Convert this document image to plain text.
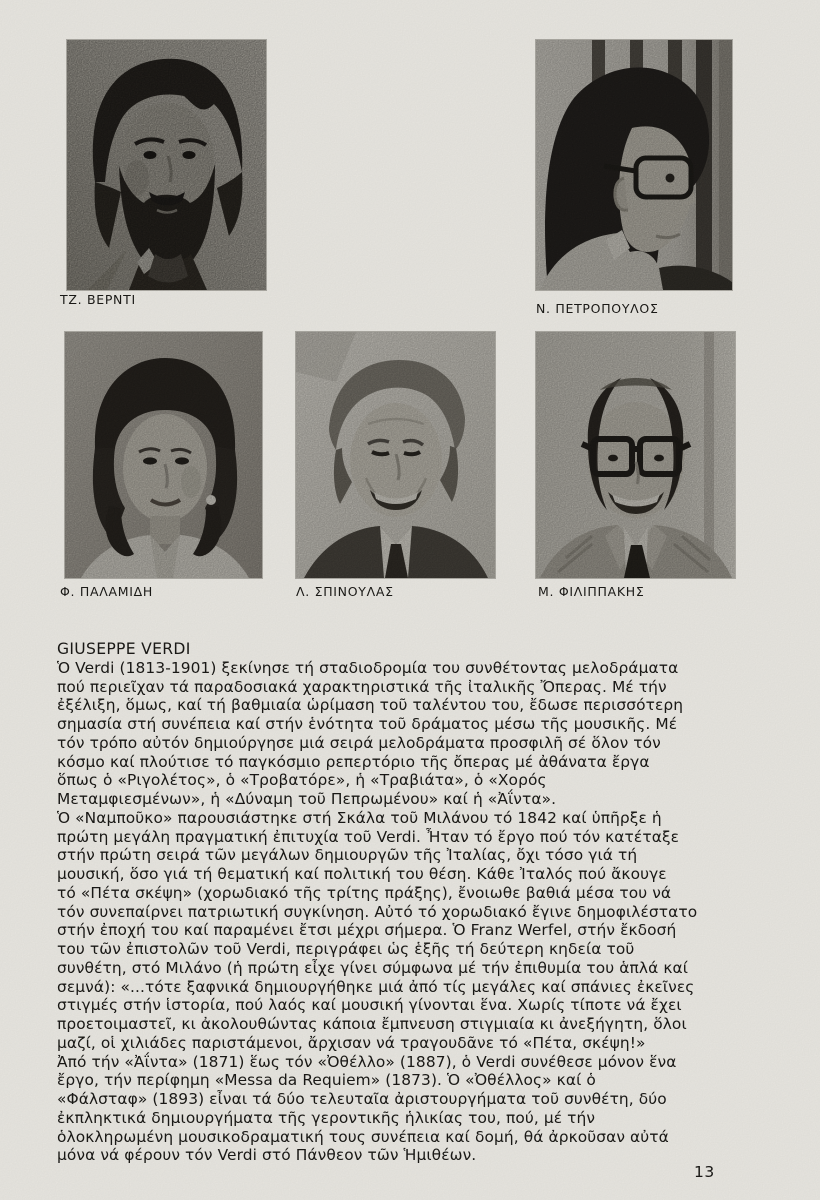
ΤΖ. ΒΕΡΝΤΙ
Ν. ΠΕΤΡΟΠΟΥΛΟΣ
Φ. ΠΑΛΑΜΙΔΗ	Λ. ΣΠΙΝΟΥΛΑΣ	Μ. ΦΙΛΙΠΠΑΚΗΣ
GIUSEPPE VERDI
Ὁ Verdi (1813-1901) ξεκίνησε τή σταδιοδρομία του συνθέτοντας μελοδράματα
πού περιεῖχαν τά παραδοσιακά χαρακτηριστικά τῆς ἰταλικῆς Ὄπερας. Μέ τήν
ἐξέλιξη, ὅμως, καί τή βαθμιαία ὡρίμαση τοῦ ταλέντου του, ἔδωσε περισσότερη
σημασία στή συνέπεια καί στήν ἑνότητα τοῦ δράματος μέσω τῆς μουσικῆς. Μέ
τόν τρόπο αὐτόν δημιούργησε μιά σειρά μελοδράματα προσφιλῆ σέ ὅλον τόν
κόσμο καί πλούτισε τό παγκόσμιο ρεπερτόριο τῆς ὄπερας μέ ἀθάνατα ἔργα
ὅπως ὁ «Ριγολέτος», ὁ «Τροβατόρε», ἡ «Τραβιάτα», ὁ «Χορός
Μεταμφιεσμένων», ἡ «Δύναμη τοῦ Πεπρωμένου» καί ἡ «Ἀΐντα».
Ὁ «Ναμποῦκο» παρουσιάστηκε στή Σκάλα τοῦ Μιλάνου τό 1842 καί ὑπῆρξε ἡ
πρώτη μεγάλη πραγματική ἐπιτυχία τοῦ Verdi. Ἦταν τό ἔργο πού τόν κατέταξε
στήν πρώτη σειρά τῶν μεγάλων δημιουργῶν τῆς Ἰταλίας, ὄχι τόσο γιά τή
μουσική, ὅσο γιά τή θεματική καί πολιτική του θέση. Κάθε Ἰταλός πού ἄκουγε
τό «Πέτα σκέψη» (χορωδιακό τῆς τρίτης πράξης), ἔνοιωθε βαθιά μέσα του νά
τόν συνεπαίρνει πατριωτική συγκίνηση. Αὐτό τό χορωδιακό ἔγινε δημοφιλέστατο
στήν ἐποχή του καί παραμένει ἔτσι μέχρι σήμερα. Ὁ Franz Werfel, στήν ἔκδοσή
του τῶν ἐπιστολῶν τοῦ Verdi, περιγράφει ὡς ἑξῆς τή δεύτερη κηδεία τοῦ
συνθέτη, στό Μιλάνο (ἡ πρώτη εἶχε γίνει σύμφωνα μέ τήν ἐπιθυμία του ἁπλά καί
σεμνά): «...τότε ξαφνικά δημιουργήθηκε μιά ἀπό τίς μεγάλες καί σπάνιες ἐκεῖνες
στιγμές στήν ἱστορία, πού λαός καί μουσική γίνονται ἕνα. Χωρίς τίποτε νά ἔχει
προετοιμαστεῖ, κι ἀκολουθώντας κάποια ἔμπνευση στιγμιαία κι ἀνεξήγητη, ὅλοι
μαζί, οἱ χιλιάδες παριστάμενοι, ἄρχισαν νά τραγουδᾶνε τό «Πέτα, σκέψη!»
Ἀπό τήν «Ἀΐντα» (1871) ἕως τόν «Ὀθέλλο» (1887), ὁ Verdi συνέθεσε μόνον ἕνα
ἔργο, τήν περίφημη «Messa da Requiem» (1873). Ὁ «Ὀθέλλος» καί ὁ
«Φάλσταφ» (1893) εἶναι τά δύο τελευταῖα ἀριστουργήματα τοῦ συνθέτη, δύο
ἐκπληκτικά δημιουργήματα τῆς γεροντικῆς ἡλικίας του, πού, μέ τήν
ὁλοκληρωμένη μουσικοδραματική τους συνέπεια καί δομή, θά ἀρκοῦσαν αὐτά
μόνα νά φέρουν τόν Verdi στό Πάνθεον τῶν Ἡμιθέων.
13
